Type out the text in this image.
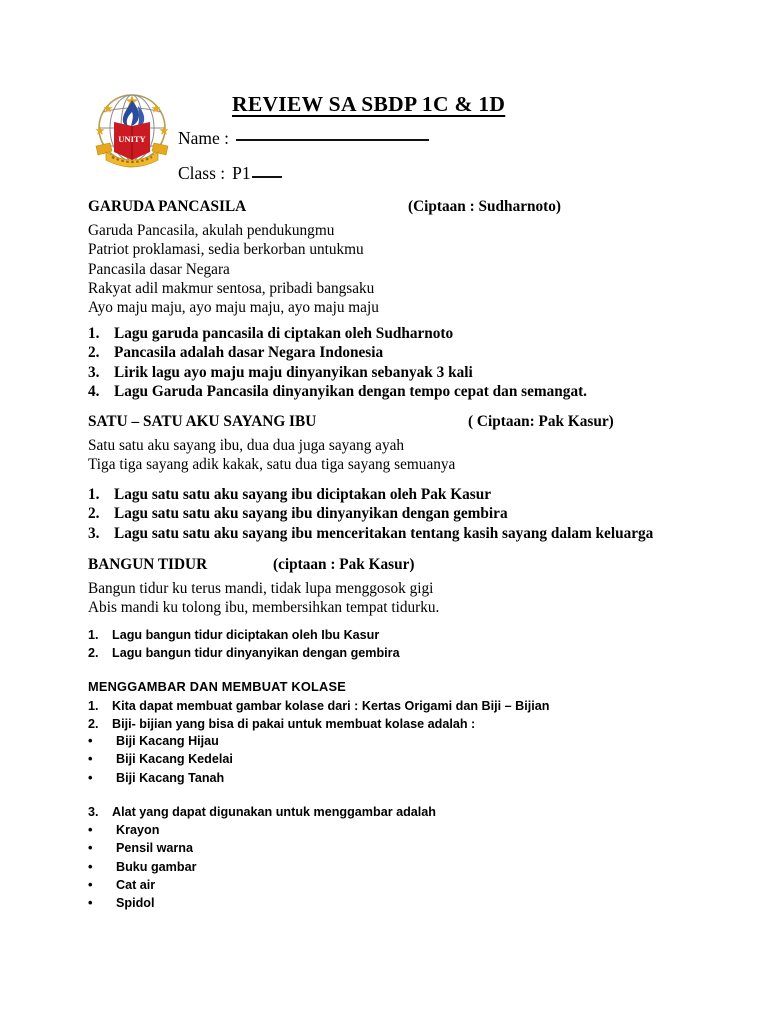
UNITY
REVIEW SA SBDP 1C & 1D
Name :
Class : P1
GARUDA PANCASILA	(Ciptaan : Sudharnoto)
Garuda Pancasila, akulah pendukungmu
Patriot proklamasi, sedia berkorban untukmu
Pancasila dasar Negara
Rakyat adil makmur sentosa, pribadi bangsaku
Ayo maju maju, ayo maju maju, ayo maju maju
1. Lagu garuda pancasila di ciptakan oleh Sudharnoto
2. Pancasila adalah dasar Negara Indonesia
3. Lirik lagu ayo maju maju dinyanyikan sebanyak 3 kali
4. Lagu Garuda Pancasila dinyanyikan dengan tempo cepat dan semangat.
SATU – SATU AKU SAYANG IBU	( Ciptaan: Pak Kasur)
Satu satu aku sayang ibu, dua dua juga sayang ayah
Tiga tiga sayang adik kakak, satu dua tiga sayang semuanya
1. Lagu satu satu aku sayang ibu diciptakan oleh Pak Kasur
2. Lagu satu satu aku sayang ibu dinyanyikan dengan gembira
3. Lagu satu satu aku sayang ibu menceritakan tentang kasih sayang dalam keluarga
BANGUN TIDUR	(ciptaan : Pak Kasur)
Bangun tidur ku terus mandi, tidak lupa menggosok gigi
Abis mandi ku tolong ibu, membersihkan tempat tidurku.
1.	Lagu bangun tidur diciptakan oleh Ibu Kasur
2.	Lagu bangun tidur dinyanyikan dengan gembira
MENGGAMBAR DAN MEMBUAT KOLASE
1.	Kita dapat membuat gambar kolase dari : Kertas Origami dan Biji – Bijian
2.	Biji- bijian yang bisa di pakai untuk membuat kolase adalah :
•	Biji Kacang Hijau
•	Biji Kacang Kedelai
•	Biji Kacang Tanah
3.	Alat yang dapat digunakan untuk menggambar adalah
•	Krayon
•	Pensil warna
•	Buku gambar
•	Cat air
•	Spidol
